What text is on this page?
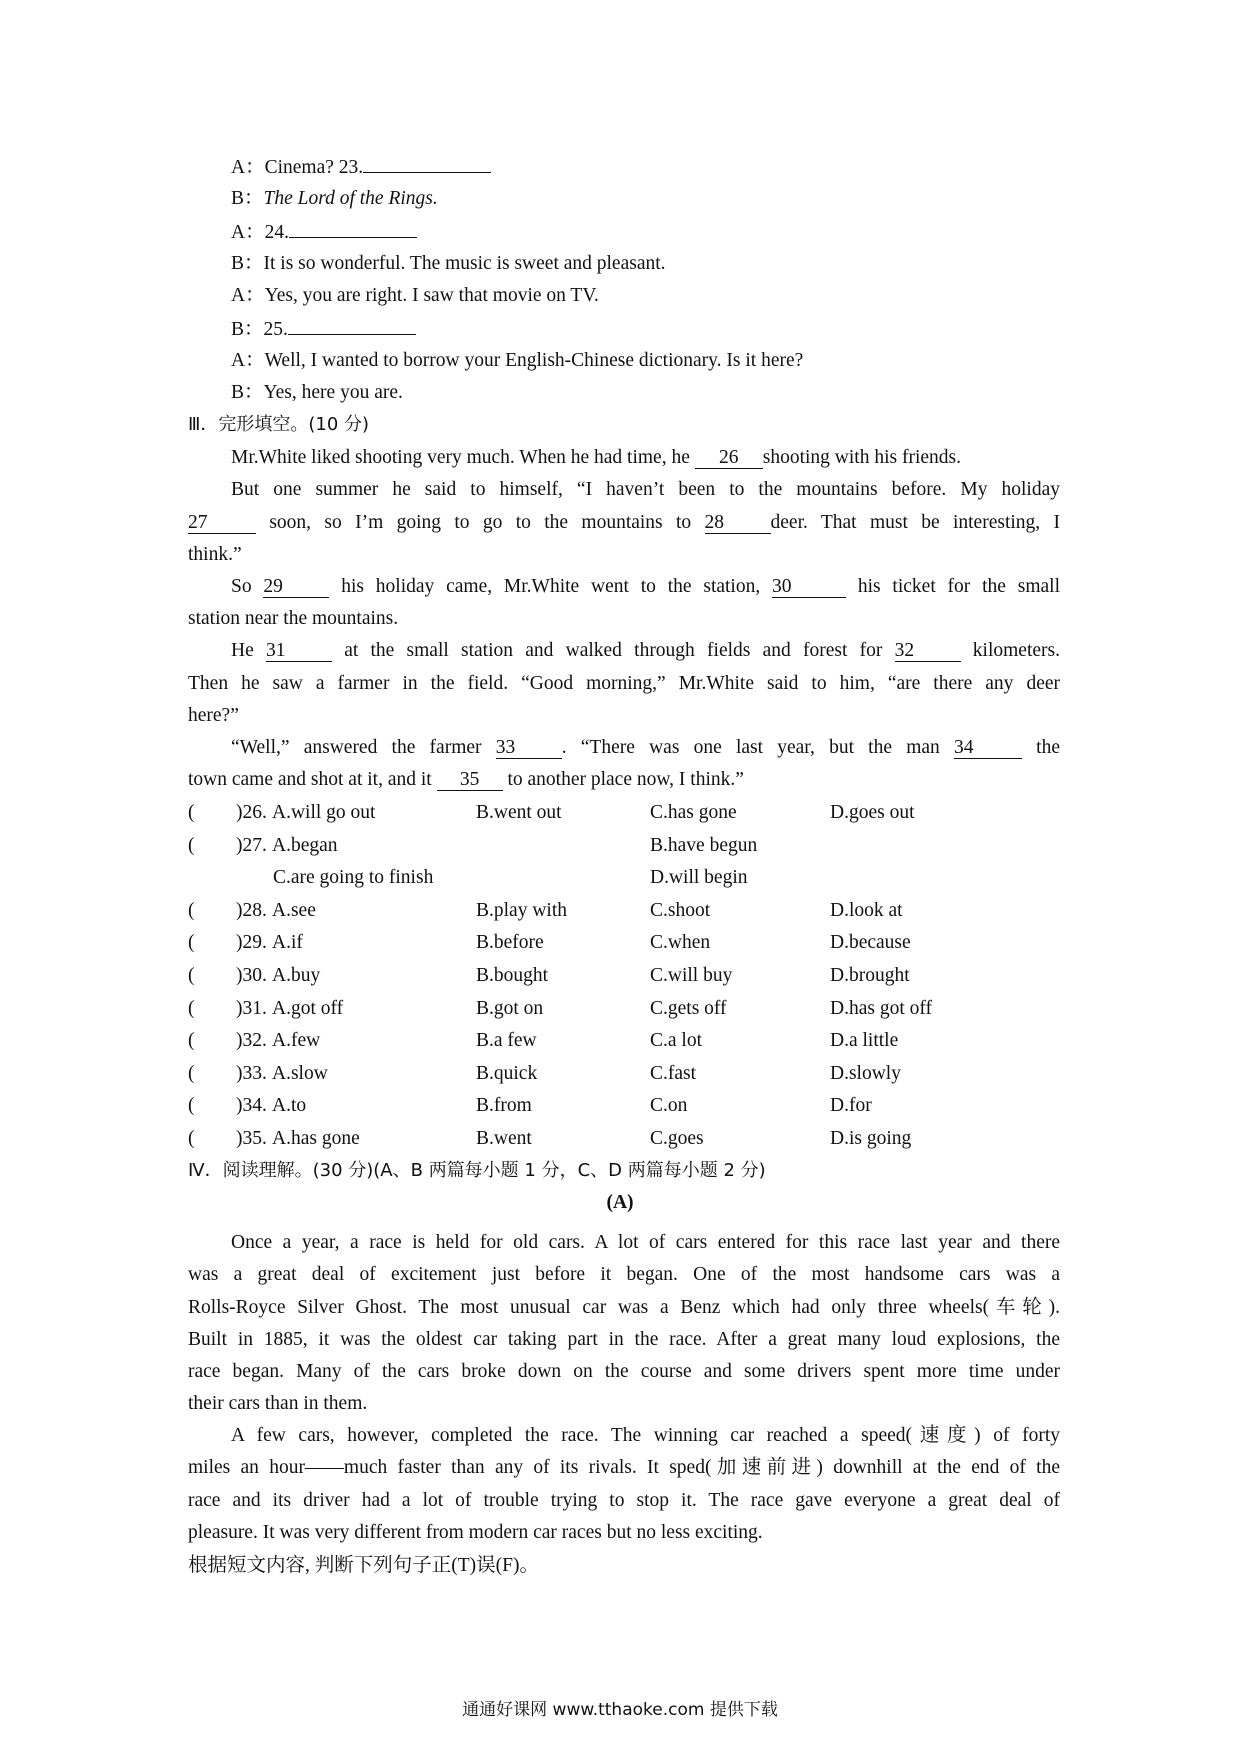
A：Cinema? 23.
B：The Lord of the Rings.
A：24.
B：It is so wonderful. The music is sweet and pleasant.
A：Yes, you are right. I saw that movie on TV.
B：25.
A：Well, I wanted to borrow your English-Chinese dictionary. Is it here?
B：Yes, here you are.
Ⅲ．完形填空。(10 分)
Mr.White liked shooting very much. When he had time, he 26 shooting with his friends.
But one summer he said to himself, “I haven’t been to the mountains before. My holiday
27 soon, so I’m going to go to the mountains to 28 deer. That must be interesting, I
think.”
So 29 his holiday came, Mr.White went to the station, 30	his ticket for the small
station near the mountains.
He 31 at the small station and walked through fields and forest for 32 kilometers.
Then he saw a farmer in the field. “Good morning,” Mr.White said to him, “are there any deer
here?”
“Well,” answered the farmer 33 . “There was one last year, but the man 34 the
town came and shot at it, and it 35 to another place now, I think.”
( )26. A.will go out	B.went out	C.has gone	D.goes out
( )27. A.began	B.have begun
C.are going to finish	D.will begin
( )28. A.see	B.play with	C.shoot	D.look at
( )29. A.if	B.before	C.when	D.because
( )30. A.buy	B.bought	C.will buy	D.brought
( )31. A.got off	B.got on	C.gets off	D.has got off
( )32. A.few	B.a few	C.a lot	D.a little
( )33. A.slow	B.quick	C.fast	D.slowly
( )34. A.to	B.from	C.on	D.for
( )35. A.has gone	B.went	C.goes	D.is going
Ⅳ．阅读理解。(30 分)(A、B 两篇每小题 1 分，C、D 两篇每小题 2 分)
(A)
Once a year, a race is held for old cars. A lot of cars entered for this race last year and there
was a great deal of excitement just before it began. One of the most handsome cars was a
Rolls-Royce Silver Ghost. The most unusual car was a Benz which had only three wheels(车轮).
Built in 1885, it was the oldest car taking part in the race. After a great many loud explosions, the
race began. Many of the cars broke down on the course and some drivers spent more time under
their cars than in them.
A few cars, however, completed the race. The winning car reached a speed(速度) of forty
miles an hour——much faster than any of its rivals. It sped(加速前进) downhill at the end of the
race and its driver had a lot of trouble trying to stop it. The race gave everyone a great deal of
pleasure. It was very different from modern car races but no less exciting.
根据短文内容, 判断下列句子正(T)误(F)。
通通好课网 www.tthaoke.com 提供下载
